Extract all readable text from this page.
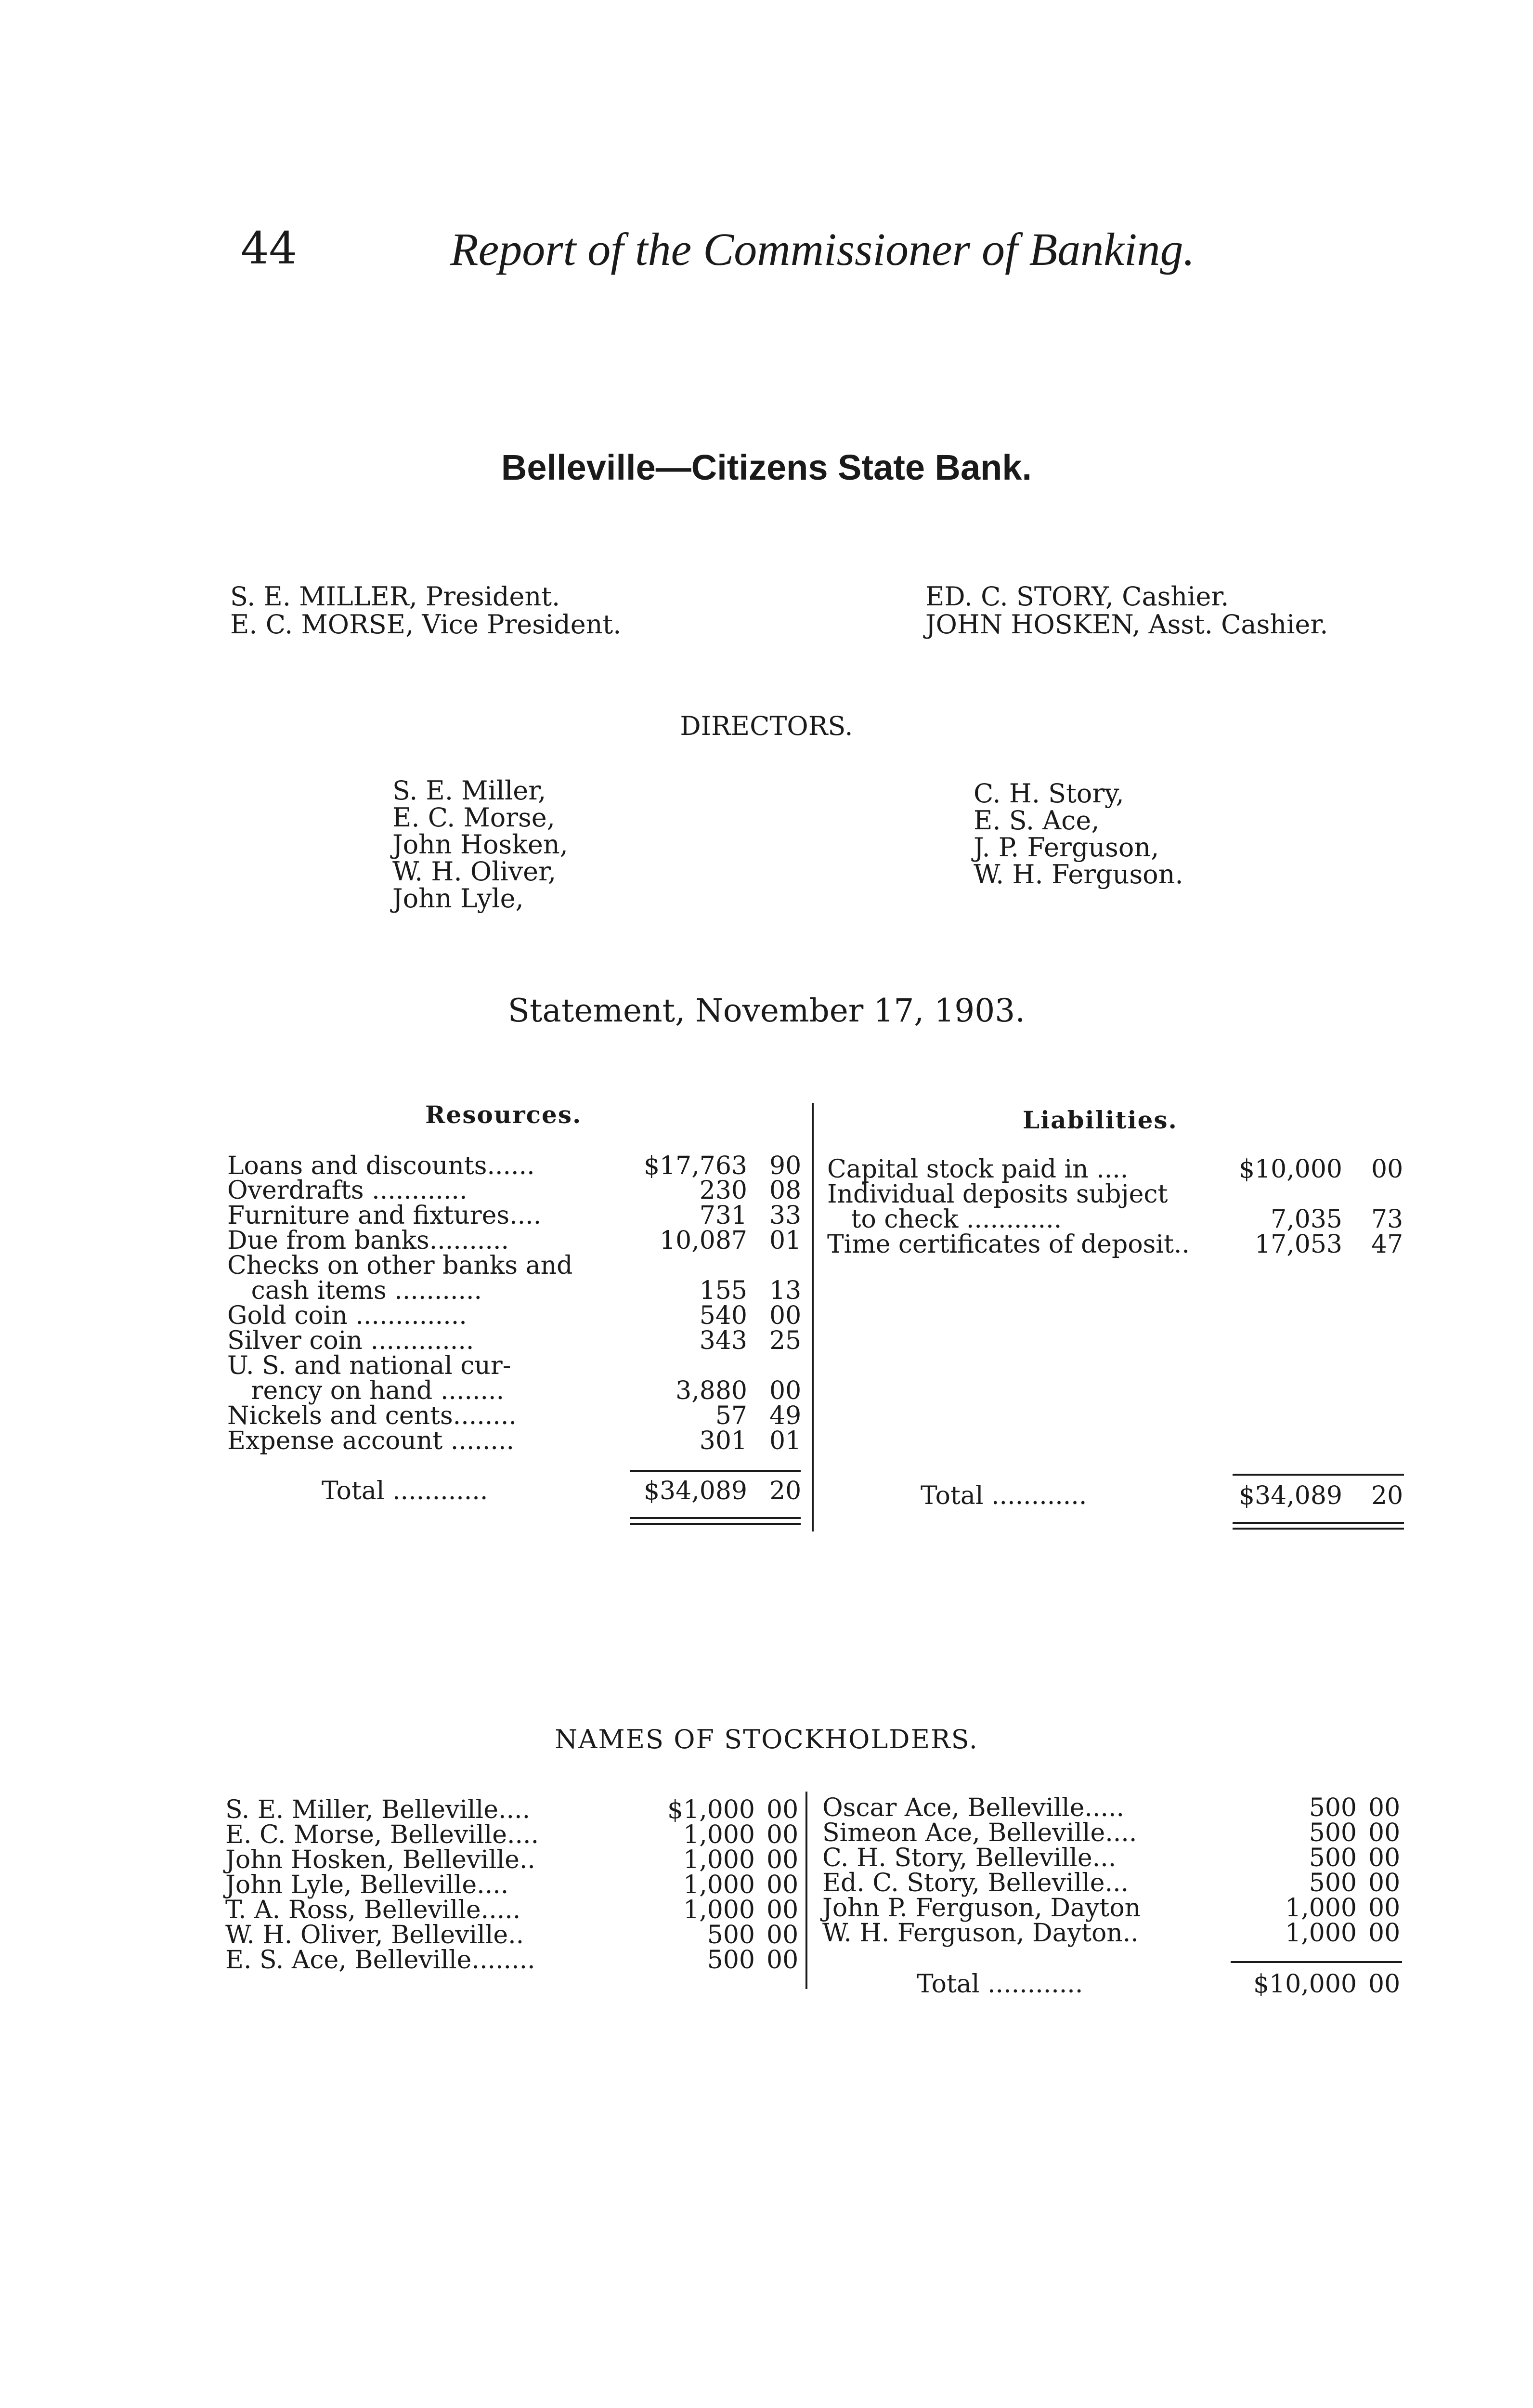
44	Report of the Commissioner of Banking.
Belleville—Citizens State Bank.
S. E. MILLER, President.
E. C. MORSE, Vice President.
ED. C. STORY, Cashier.
JOHN HOSKEN, Asst. Cashier.
DIRECTORS.
S. E. Miller,
E. C. Morse,
John Hosken,
W. H. Oliver,
John Lyle,
C. H. Story,
E. S. Ace,
J. P. Ferguson,
W. H. Ferguson.
Statement, November 17, 1903.
Resources.	Liabilities.
Loans and discounts......	$17,763 90
Overdrafts ............	230 08
Furniture and fixtures....	731 33
Due from banks..........	10,087 01
Checks on other banks and
cash items ...........	155 13
Gold coin ..............	540 00
Silver coin .............	343 25
U. S. and national cur-
rency on hand ........	3,880 00
Nickels and cents........	57 49
Expense account ........	301 01
Total ............	$34,089 20
Capital stock paid in ....	$10,000 00
Individual deposits subject
to check ............	7,035 73
Time certificates of deposit..	17,053 47
Total ............	$34,089 20
NAMES OF STOCKHOLDERS.
S. E. Miller, Belleville....	$1,000 00
E. C. Morse, Belleville....	1,000 00
John Hosken, Belleville..	1,000 00
John Lyle, Belleville....	1,000 00
T. A. Ross, Belleville.....	1,000 00
W. H. Oliver, Belleville..	500 00
E. S. Ace, Belleville........	500 00
Oscar Ace, Belleville.....	500 00
Simeon Ace, Belleville....	500 00
C. H. Story, Belleville...	500 00
Ed. C. Story, Belleville...	500 00
John P. Ferguson, Dayton	1,000 00
W. H. Ferguson, Dayton..	1,000 00
Total ............	$10,000 00
